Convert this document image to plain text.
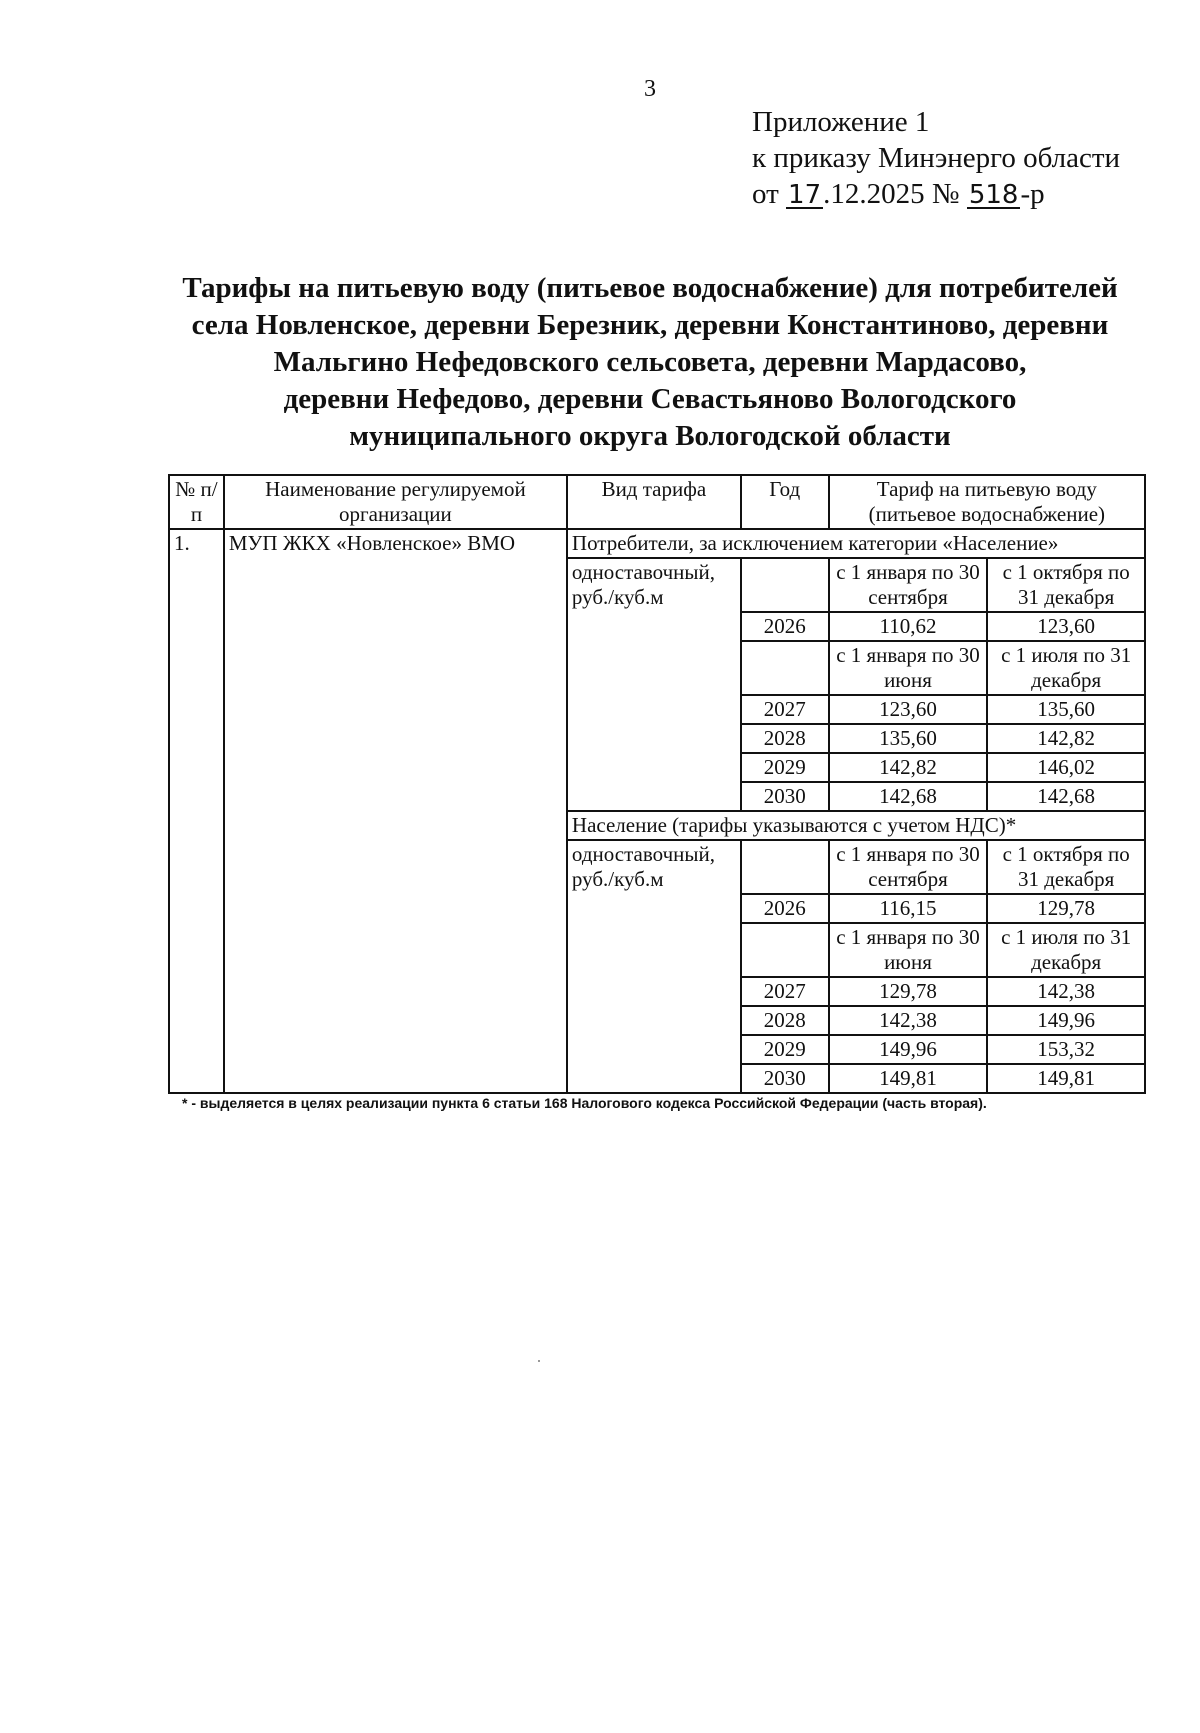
3
Приложение 1
к приказу Минэнерго области
от 17.12.2025 № 518-р
Тарифы на питьевую воду (питьевое водоснабжение) для потребителей
села Новленское, деревни Березник, деревни Константиново, деревни
Мальгино Нефедовского сельсовета, деревни Мардасово,
деревни Нефедово, деревни Севастьяново Вологодского
муниципального округа Вологодской области
№ п/п	Наименование регулируемой организации	Вид тарифа	Год	Тариф на питьевую воду (питьевое водоснабжение)	
1.	МУП ЖКХ «Новленское» ВМО	Потребители, за исключением категории «Население»			
		одноставочный, руб./куб.м		с 1 января по 30 сентября	с 1 октября по 31 декабря
			2026	110,62	123,60
				с 1 января по 30 июня	с 1 июля по 31 декабря
			2027	123,60	135,60
			2028	135,60	142,82
			2029	142,82	146,02
			2030	142,68	142,68
		Население (тарифы указываются с учетом НДС)*			
		одноставочный, руб./куб.м		с 1 января по 30 сентября	с 1 октября по 31 декабря
			2026	116,15	129,78
				с 1 января по 30 июня	с 1 июля по 31 декабря
			2027	129,78	142,38
			2028	142,38	149,96
			2029	149,96	153,32
			2030	149,81	149,81
* - выделяется в целях реализации пункта 6 статьи 168 Налогового кодекса Российской Федерации (часть вторая).
